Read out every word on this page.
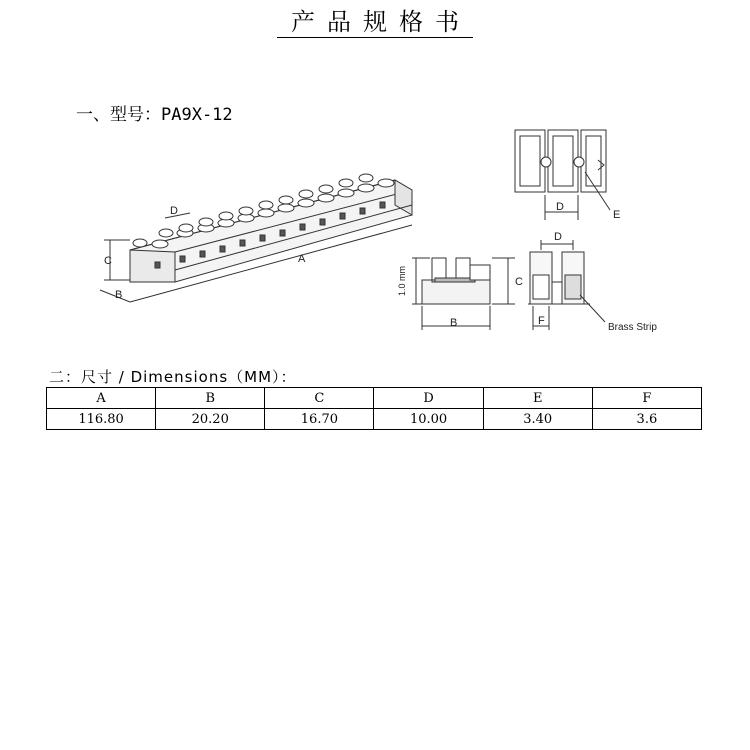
产品规格书
一、型号：PA9X-12
C
B
A
D	D
E
C
B
D
F
Brass Strip
1.0 mm
二：尺寸 / Dimensions（MM）：
A	B	C	D	E	F
116.80	20.20	16.70	10.00	3.40	3.6
